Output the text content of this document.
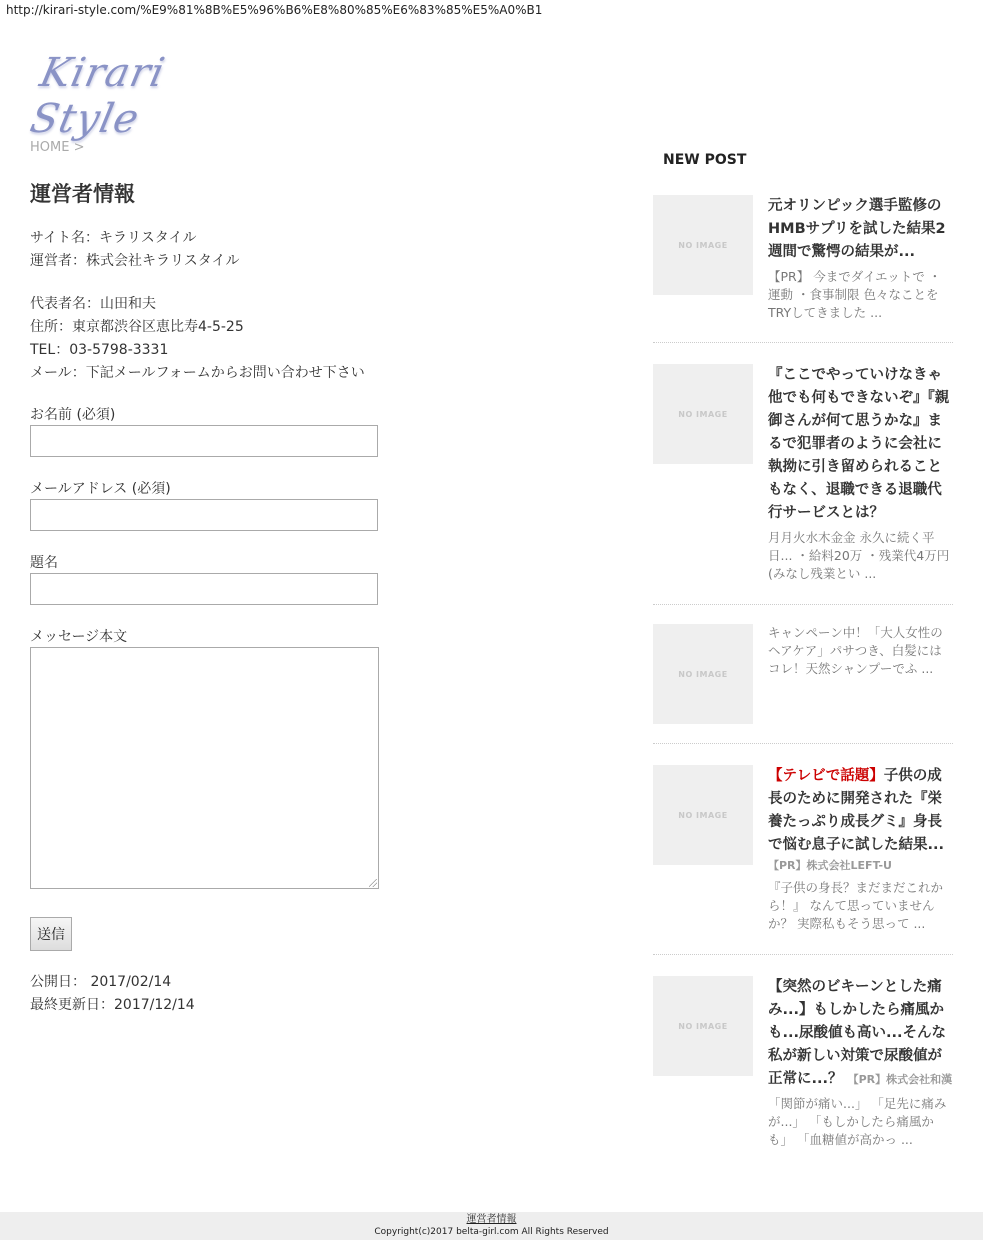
http://kirari-style.com/%E9%81%8B%E5%96%B6%E8%80%85%E6%83%85%E5%A0%B1
Kirari Style
HOME >
運営者情報
サイト名：キラリスタイル
運営者：株式会社キラリスタイル
代表者名：山田和夫
住所：東京都渋谷区恵比寿4-5-25
TEL：03-5798-3331
メール：下記メールフォームからお問い合わせ下さい
お名前 (必須)
メールアドレス (必須)
題名
メッセージ本文
送信
公開日： 2017/02/14
最終更新日：2017/12/14
NEW POST
NO IMAGE
元オリンピック選手監修のHMBサプリを試した結果2週間で驚愕の結果が...
【PR】 今までダイエットで ・運動 ・食事制限 色々なことをTRYしてきました ...
NO IMAGE
『ここでやっていけなきゃ他でも何もできないぞ』『親御さんが何て思うかな』まるで犯罪者のように会社に執拗に引き留められることもなく、退職できる退職代行サービスとは？
月月火水木金金 永久に続く平日... ・給料20万 ・残業代4万円 (みなし残業とい ...
NO IMAGE
キャンペーン中！「大人女性のヘアケア」パサつき、白髪にはコレ！天然シャンプーでふ ...
NO IMAGE
【テレビで話題】子供の成長のために開発された『栄養たっぷり成長グミ』身長で悩む息子に試した結果...
【PR】株式会社LEFT-U
『子供の身長？まだまだこれから！』 なんて思っていませんか？ 実際私もそう思って ...
NO IMAGE
【突然のビキーンとした痛み...】もしかしたら痛風かも...尿酸値も高い...そんな私が新しい対策で尿酸値が正常に...？ 【PR】株式会社和漢
「関節が痛い...」 「足先に痛みが...」 「もしかしたら痛風かも」 「血糖値が高かっ ...
運営者情報
Copyright(c)2017 belta-girl.com All Rights Reserved
